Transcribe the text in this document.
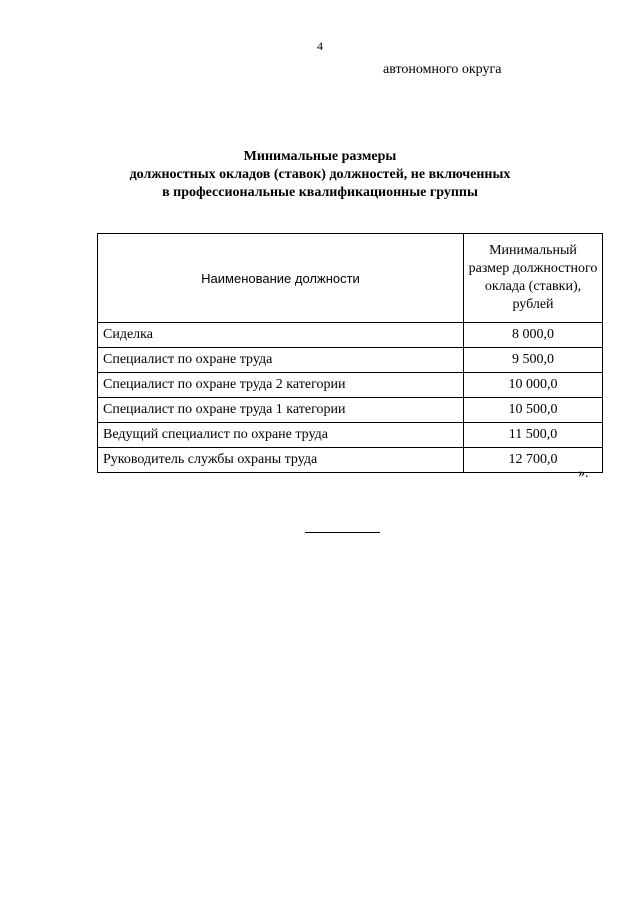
4
автономного округа
Минимальные размеры
должностных окладов (ставок) должностей, не включенных
в профессиональные квалификационные группы
Наименование должности	Минимальный размер должностного оклада (ставки), рублей
Сиделка	8 000,0
Специалист по охране труда	9 500,0
Специалист по охране труда 2 категории	10 000,0
Специалист по охране труда 1 категории	10 500,0
Ведущий специалист по охране труда	11 500,0
Руководитель службы охраны труда	12 700,0
».
